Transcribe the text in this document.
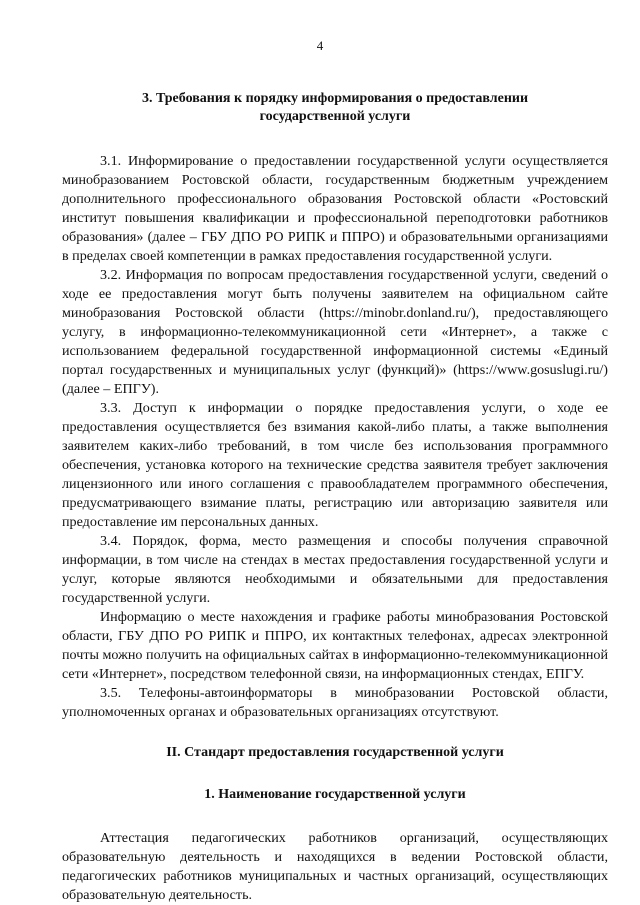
4
3. Требования к порядку информирования о предоставлении государственной услуги

3.1. Информирование о предоставлении государственной услуги осуществляется минобразованием Ростовской области, государственным бюджетным учреждением дополнительного профессионального образования Ростовской области «Ростовский институт повышения квалификации и профессиональной переподготовки работников образования» (далее – ГБУ ДПО РО РИПК и ППРО) и образовательными организациями в пределах своей компетенции в рамках предоставления государственной услуги.

3.2. Информация по вопросам предоставления государственной услуги, сведений о ходе ее предоставления могут быть получены заявителем на официальном сайте минобразования Ростовской области (https://minobr.donland.ru/), предоставляющего услугу, в информационно-телекоммуникационной сети «Интернет», а также с использованием федеральной государственной информационной системы «Единый портал государственных и муниципальных услуг (функций)» (https://www.gosuslugi.ru/) (далее – ЕПГУ).

3.3. Доступ к информации о порядке предоставления услуги, о ходе ее предоставления осуществляется без взимания какой-либо платы, а также выполнения заявителем каких-либо требований, в том числе без использования программного обеспечения, установка которого на технические средства заявителя требует заключения лицензионного или иного соглашения с правообладателем программного обеспечения, предусматривающего взимание платы, регистрацию или авторизацию заявителя или предоставление им персональных данных.

3.4. Порядок, форма, место размещения и способы получения справочной информации, в том числе на стендах в местах предоставления государственной услуги и услуг, которые являются необходимыми и обязательными для предоставления государственной услуги.

Информацию о месте нахождения и графике работы минобразования Ростовской области, ГБУ ДПО РО РИПК и ППРО, их контактных телефонах, адресах электронной почты можно получить на официальных сайтах в информационно-телекоммуникационной сети «Интернет», посредством телефонной связи, на информационных стендах, ЕПГУ.

3.5. Телефоны-автоинформаторы в минобразовании Ростовской области, уполномоченных органах и образовательных организациях отсутствуют.

II. Стандарт предоставления государственной услуги
1. Наименование государственной услуги

Аттестация педагогических работников организаций, осуществляющих образовательную деятельность и находящихся в ведении Ростовской области, педагогических работников муниципальных и частных организаций, осуществляющих образовательную деятельность.
